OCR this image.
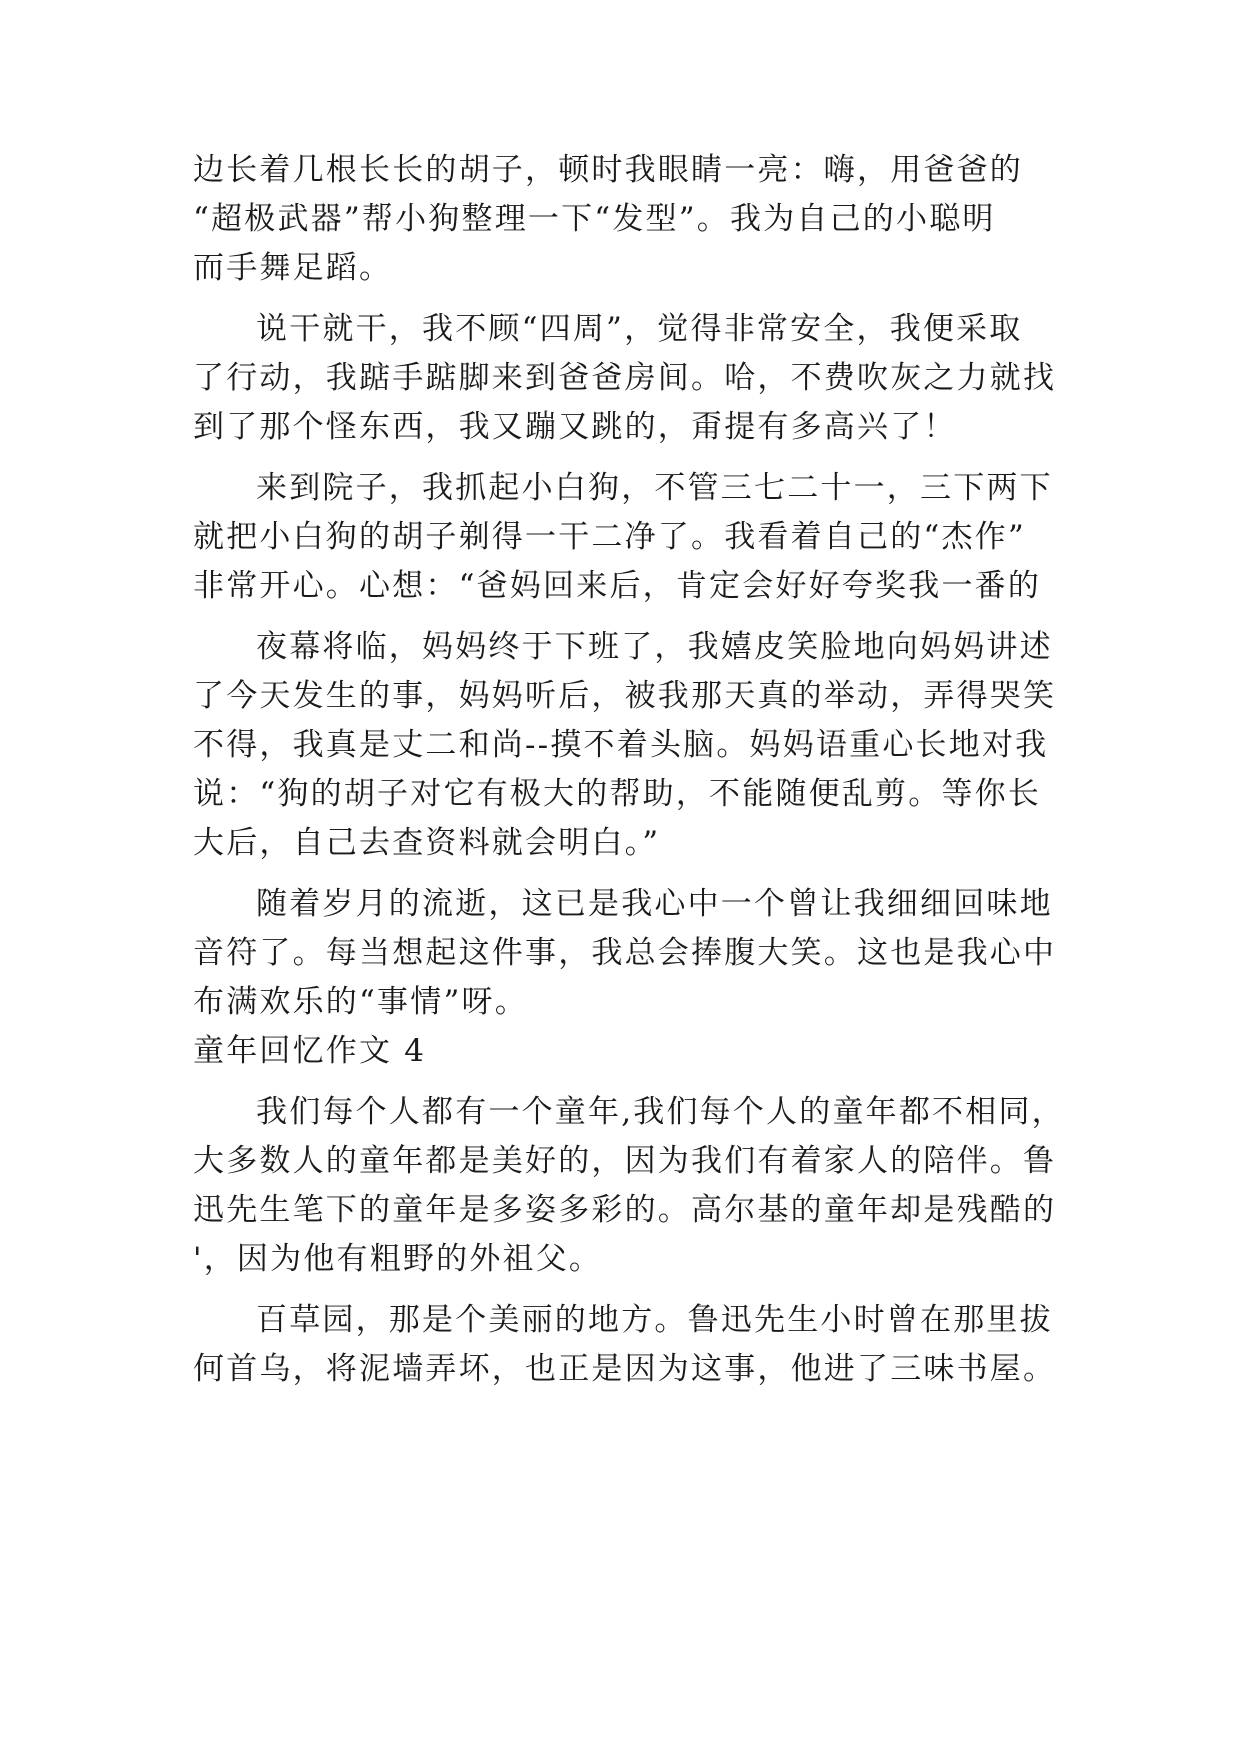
边长着几根长长的胡子，顿时我眼睛一亮：嗨，用爸爸的
“超极武器”帮小狗整理一下“发型”。我为自己的小聪明
而手舞足蹈。
说干就干，我不顾“四周”，觉得非常安全，我便采取
了行动，我踮手踮脚来到爸爸房间。哈，不费吹灰之力就找
到了那个怪东西，我又蹦又跳的，甭提有多高兴了！
来到院子，我抓起小白狗，不管三七二十一，三下两下
就把小白狗的胡子剃得一干二净了。我看着自己的“杰作”
非常开心。心想：“爸妈回来后，肯定会好好夸奖我一番的
夜幕将临，妈妈终于下班了，我嬉皮笑脸地向妈妈讲述
了今天发生的事，妈妈听后，被我那天真的举动，弄得哭笑
不得，我真是丈二和尚--摸不着头脑。妈妈语重心长地对我
说：“狗的胡子对它有极大的帮助，不能随便乱剪。等你长
大后，自己去查资料就会明白。”
随着岁月的流逝，这已是我心中一个曾让我细细回味地
音符了。每当想起这件事，我总会捧腹大笑。这也是我心中
布满欢乐的“事情”呀。
童年回忆作文 4
我们每个人都有一个童年,我们每个人的童年都不相同，
大多数人的童年都是美好的，因为我们有着家人的陪伴。鲁
迅先生笔下的童年是多姿多彩的。高尔基的童年却是残酷的
'，因为他有粗野的外祖父。
百草园，那是个美丽的地方。鲁迅先生小时曾在那里拔
何首乌，将泥墙弄坏，也正是因为这事，他进了三味书屋。
